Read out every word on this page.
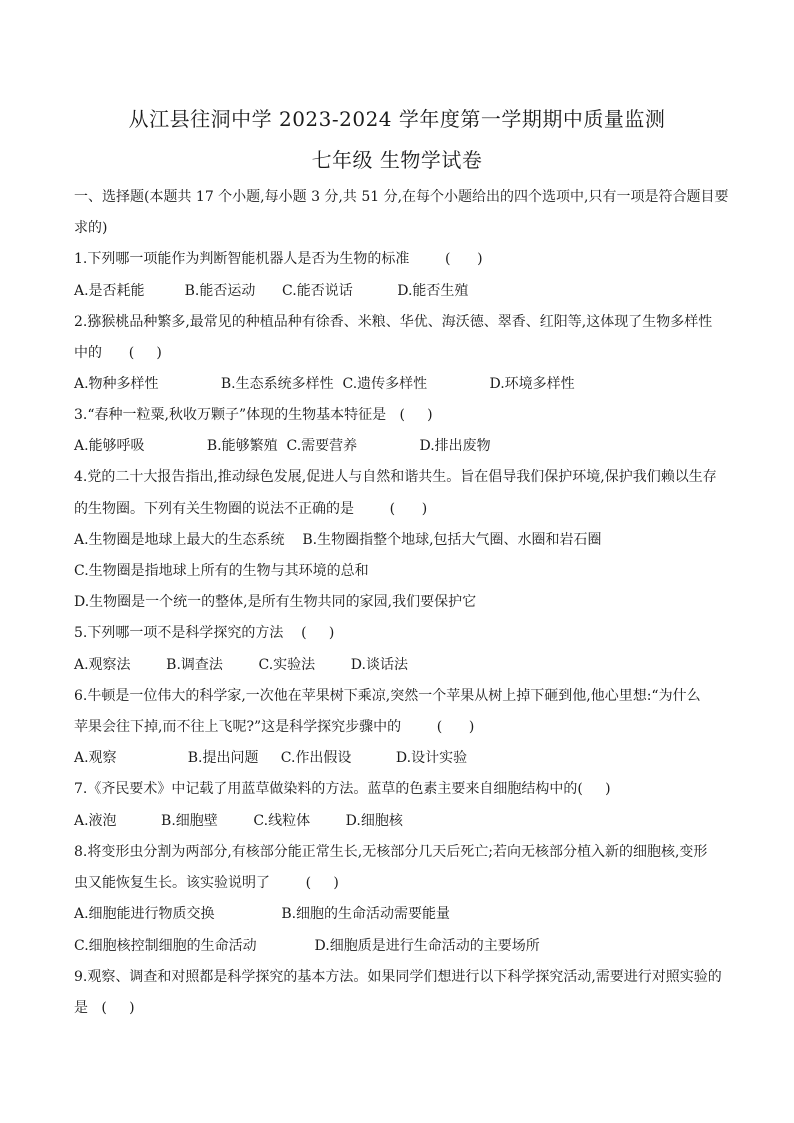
从江县往洞中学 2023-2024 学年度第一学期期中质量监测
七年级 生物学试卷
一、选择题(本题共 17 个小题,每小题 3 分,共 51 分,在每个小题给出的四个选项中,只有一项是符合题目要
求的)
1.下列哪一项能作为判断智能机器人是否为生物的标准        (      )
A.是否耗能         B.能否运动      C.能否说话          D.能否生殖
2.猕猴桃品种繁多,最常见的种植品种有徐香、米粮、华优、海沃德、翠香、红阳等,这体现了生物多样性
中的      (     )
A.物种多样性              B.生态系统多样性  C.遗传多样性              D.环境多样性
3.“春种一粒粟,秋收万颗子”体现的生物基本特征是   (     )
A.能够呼吸              B.能够繁殖  C.需要营养              D.排出废物
4.党的二十大报告指出,推动绿色发展,促进人与自然和谐共生。旨在倡导我们保护环境,保护我们赖以生存
的生物圈。下列有关生物圈的说法不正确的是        (      )
A.生物圈是地球上最大的生态系统    B.生物圈指整个地球,包括大气圈、水圈和岩石圈
C.生物圈是指地球上所有的生物与其环境的总和
D.生物圈是一个统一的整体,是所有生物共同的家园,我们要保护它
5.下列哪一项不是科学探究的方法    (     )
A.观察法        B.调查法        C.实验法        D.谈话法
6.牛顿是一位伟大的科学家,一次他在苹果树下乘凉,突然一个苹果从树上掉下砸到他,他心里想:“为什么
苹果会往下掉,而不往上飞呢?”这是科学探究步骤中的        (      )
A.观察                B.提出问题     C.作出假设          D.设计实验
7.《齐民要术》中记载了用蓝草做染料的方法。蓝草的色素主要来自细胞结构中的(     )
A.液泡          B.细胞壁        C.线粒体        D.细胞核
8.将变形虫分割为两部分,有核部分能正常生长,无核部分几天后死亡;若向无核部分植入新的细胞核,变形
虫又能恢复生长。该实验说明了        (     )
A.细胞能进行物质交换               B.细胞的生命活动需要能量
C.细胞核控制细胞的生命活动             D.细胞质是进行生命活动的主要场所
9.观察、调查和对照都是科学探究的基本方法。如果同学们想进行以下科学探究活动,需要进行对照实验的
是   (     )
